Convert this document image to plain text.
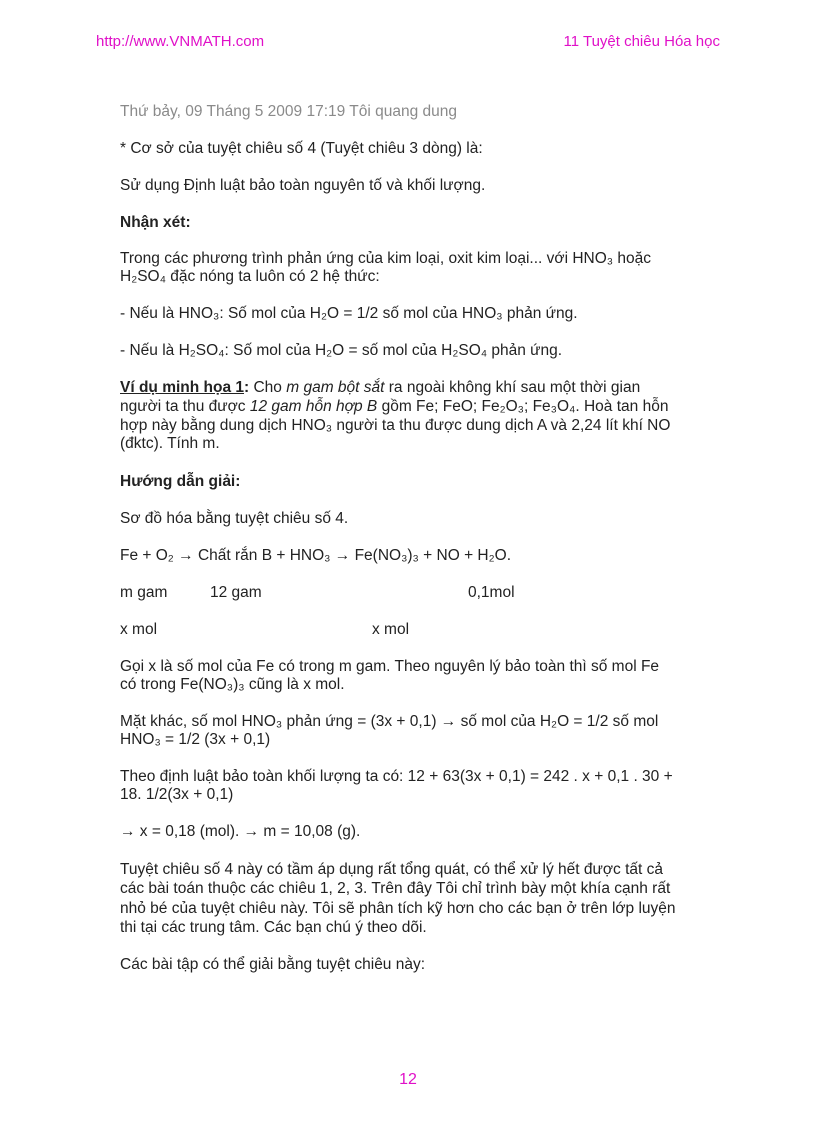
http://www.VNMATH.com	11 Tuyệt chiêu Hóa học

Thứ bảy, 09 Tháng 5 2009 17:19 Tôi quang dung

* Cơ sở của tuyệt chiêu số 4 (Tuyệt chiêu 3 dòng) là:

Sử dụng Định luật bảo toàn nguyên tố và khối lượng.

Nhận xét:

Trong các phương trình phản ứng của kim loại, oxit kim loại... với HNO₃ hoặc

H₂SO₄ đặc nóng ta luôn có 2 hệ thức:

- Nếu là HNO₃: Số mol của H₂O = 1/2 số mol của HNO₃ phản ứng.

- Nếu là H₂SO₄: Số mol của H₂O = số mol của H₂SO₄ phản ứng.

Ví dụ minh họa 1: Cho m gam bột sắt ra ngoài không khí sau một thời gian

người ta thu được 12 gam hỗn hợp B gồm Fe; FeO; Fe₂O₃; Fe₃O₄. Hoà tan hỗn

hợp này bằng dung dịch HNO₃ người ta thu được dung dịch A và 2,24 lít khí NO

(đktc). Tính m.

Hướng dẫn giải:

Sơ đồ hóa bằng tuyệt chiêu số 4.

Fe + O₂ → Chất rắn B + HNO₃ → Fe(NO₃)₃ + NO + H₂O.

m gam	12 gam	0,1mol
x mol	x mol

Gọi x là số mol của Fe có trong m gam. Theo nguyên lý bảo toàn thì số mol Fe

có trong Fe(NO₃)₃ cũng là x mol.

Mặt khác, số mol HNO₃ phản ứng = (3x + 0,1) → số mol của H₂O = 1/2 số mol

HNO₃ = 1/2 (3x + 0,1)

Theo định luật bảo toàn khối lượng ta có: 12 + 63(3x + 0,1) = 242 . x + 0,1 . 30 +

18. 1/2(3x + 0,1)

→ x = 0,18 (mol). → m = 10,08 (g).

Tuyệt chiêu số 4 này có tầm áp dụng rất tổng quát, có thể xử lý hết được tất cả

các bài toán thuộc các chiêu 1, 2, 3. Trên đây Tôi chỉ trình bày một khía cạnh rất

nhỏ bé của tuyệt chiêu này. Tôi sẽ phân tích kỹ hơn cho các bạn ở trên lớp luyện

thi tại các trung tâm. Các bạn chú ý theo dõi.

Các bài tập có thể giải bằng tuyệt chiêu này:

12
